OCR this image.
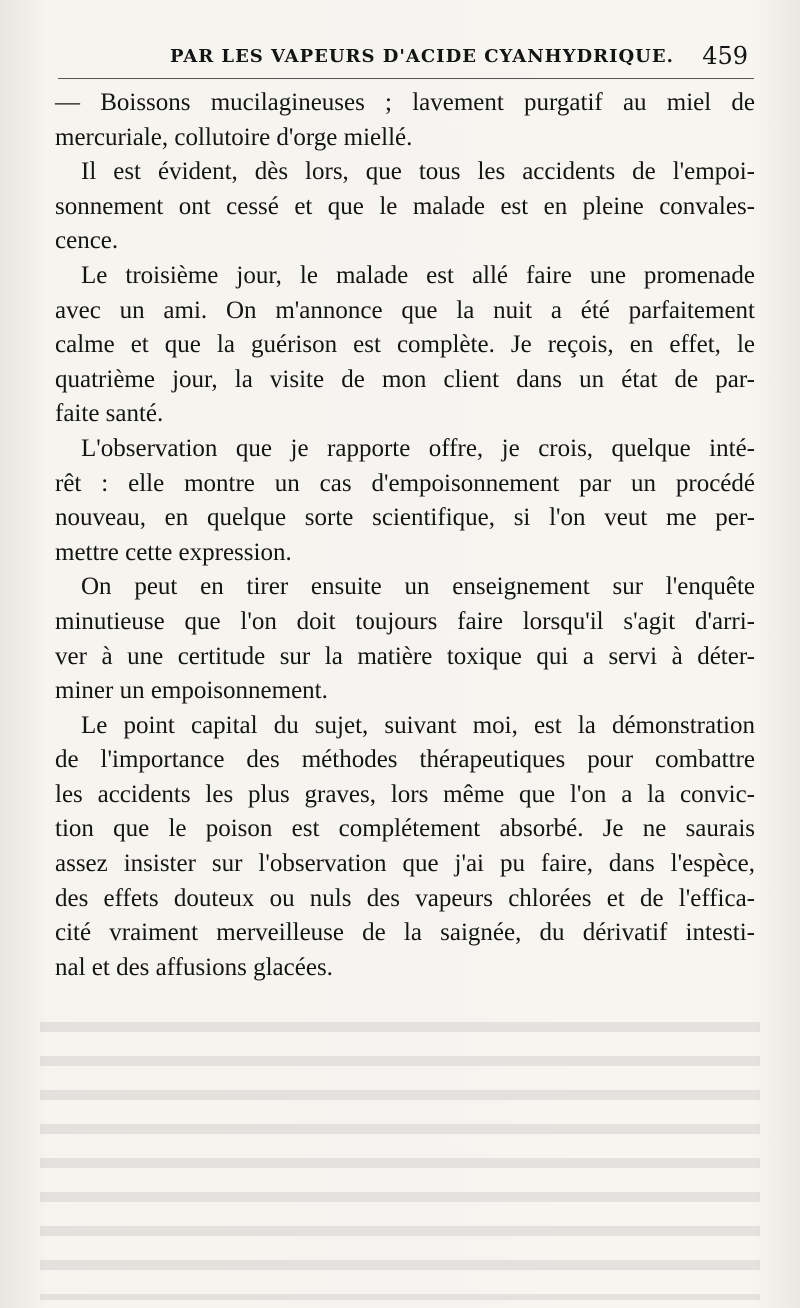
PAR LES VAPEURS D'ACIDE CYANHYDRIQUE. 459

— Boissons mucilagineuses ; lavement purgatif au miel de
mercuriale, collutoire d'orge miellé.

Il est évident, dès lors, que tous les accidents de l'empoi-
sonnement ont cessé et que le malade est en pleine convales-
cence.

Le troisième jour, le malade est allé faire une promenade
avec un ami. On m'annonce que la nuit a été parfaitement
calme et que la guérison est complète. Je reçois, en effet, le
quatrième jour, la visite de mon client dans un état de par-
faite santé.

L'observation que je rapporte offre, je crois, quelque inté-
rêt : elle montre un cas d'empoisonnement par un procédé
nouveau, en quelque sorte scientifique, si l'on veut me per-
mettre cette expression.

On peut en tirer ensuite un enseignement sur l'enquête
minutieuse que l'on doit toujours faire lorsqu'il s'agit d'arri-
ver à une certitude sur la matière toxique qui a servi à déter-
miner un empoisonnement.

Le point capital du sujet, suivant moi, est la démonstration
de l'importance des méthodes thérapeutiques pour combattre
les accidents les plus graves, lors même que l'on a la convic-
tion que le poison est complétement absorbé. Je ne saurais
assez insister sur l'observation que j'ai pu faire, dans l'espèce,
des effets douteux ou nuls des vapeurs chlorées et de l'effica-
cité vraiment merveilleuse de la saignée, du dérivatif intesti-
nal et des affusions glacées.
